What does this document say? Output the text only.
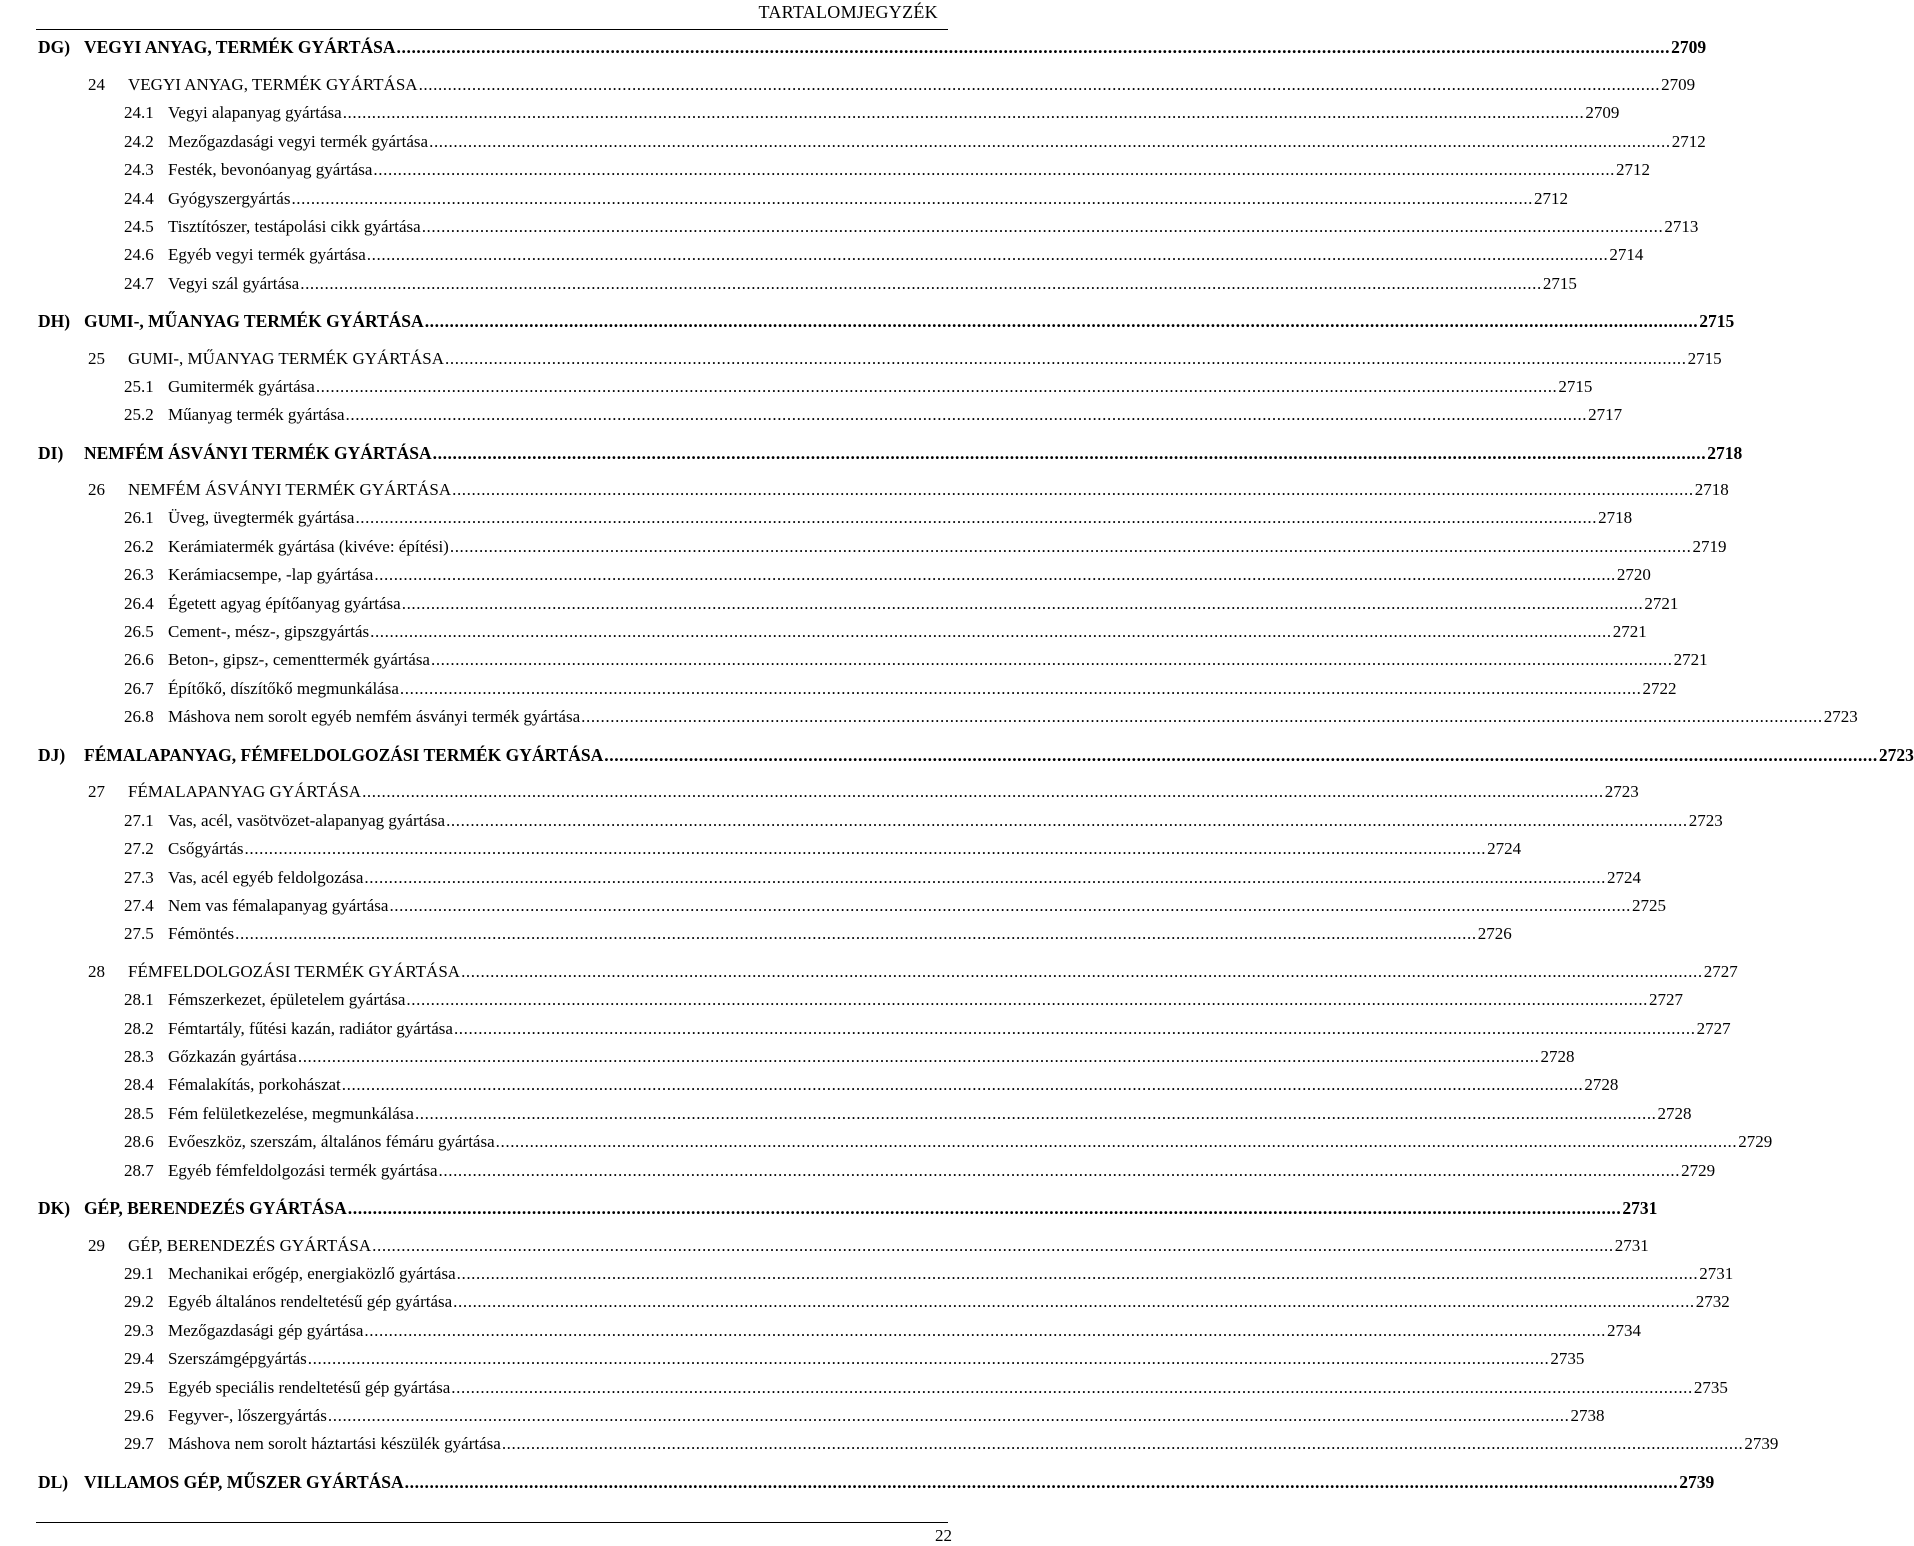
TARTALOMJEGYZÉK
DG) VEGYI ANYAG, TERMÉK GYÁRTÁSA ................................................................................................................................................................................................................................................................ 2709
24	VEGYI ANYAG, TERMÉK GYÁRTÁSA ................................................................................................................................................................................................................................................................ 2709
24.1 Vegyi alapanyag gyártása ................................................................................................................................................................................................................................................................ 2709
24.2 Mezőgazdasági vegyi termék gyártása ................................................................................................................................................................................................................................................................ 2712
24.3 Festék, bevonóanyag gyártása ................................................................................................................................................................................................................................................................ 2712
24.4 Gyógyszergyártás ................................................................................................................................................................................................................................................................ 2712
24.5 Tisztítószer, testápolási cikk gyártása ................................................................................................................................................................................................................................................................ 2713
24.6 Egyéb vegyi termék gyártása ................................................................................................................................................................................................................................................................ 2714
24.7 Vegyi szál gyártása ................................................................................................................................................................................................................................................................ 2715
DH) GUMI-, MŰANYAG TERMÉK GYÁRTÁSA ................................................................................................................................................................................................................................................................ 2715
25	GUMI-, MŰANYAG TERMÉK GYÁRTÁSA ................................................................................................................................................................................................................................................................ 2715
25.1 Gumitermék gyártása ................................................................................................................................................................................................................................................................ 2715
25.2 Műanyag termék gyártása ................................................................................................................................................................................................................................................................ 2717
DI)	NEMFÉM ÁSVÁNYI TERMÉK GYÁRTÁSA ................................................................................................................................................................................................................................................................ 2718
26	NEMFÉM ÁSVÁNYI TERMÉK GYÁRTÁSA ................................................................................................................................................................................................................................................................ 2718
26.1 Üveg, üvegtermék gyártása ................................................................................................................................................................................................................................................................ 2718
26.2 Kerámiatermék gyártása (kivéve: építési) ................................................................................................................................................................................................................................................................ 2719
26.3 Kerámiacsempe, -lap gyártása ................................................................................................................................................................................................................................................................ 2720
26.4 Égetett agyag építőanyag gyártása ................................................................................................................................................................................................................................................................ 2721
26.5 Cement-, mész-, gipszgyártás ................................................................................................................................................................................................................................................................ 2721
26.6 Beton-, gipsz-, cementtermék gyártása ................................................................................................................................................................................................................................................................ 2721
26.7 Építőkő, díszítőkő megmunkálása ................................................................................................................................................................................................................................................................ 2722
26.8 Máshova nem sorolt egyéb nemfém ásványi termék gyártása ................................................................................................................................................................................................................................................................ 2723
DJ)	FÉMALAPANYAG, FÉMFELDOLGOZÁSI TERMÉK GYÁRTÁSA ................................................................................................................................................................................................................................................................ 2723
27	FÉMALAPANYAG GYÁRTÁSA ................................................................................................................................................................................................................................................................ 2723
27.1 Vas, acél, vasötvözet-alapanyag gyártása ................................................................................................................................................................................................................................................................ 2723
27.2 Csőgyártás ................................................................................................................................................................................................................................................................ 2724
27.3 Vas, acél egyéb feldolgozása ................................................................................................................................................................................................................................................................ 2724
27.4 Nem vas fémalapanyag gyártása ................................................................................................................................................................................................................................................................ 2725
27.5 Fémöntés ................................................................................................................................................................................................................................................................ 2726
28	FÉMFELDOLGOZÁSI TERMÉK GYÁRTÁSA ................................................................................................................................................................................................................................................................ 2727
28.1 Fémszerkezet, épületelem gyártása ................................................................................................................................................................................................................................................................ 2727
28.2 Fémtartály, fűtési kazán, radiátor gyártása ................................................................................................................................................................................................................................................................ 2727
28.3 Gőzkazán gyártása ................................................................................................................................................................................................................................................................ 2728
28.4 Fémalakítás, porkohászat ................................................................................................................................................................................................................................................................ 2728
28.5 Fém felületkezelése, megmunkálása ................................................................................................................................................................................................................................................................ 2728
28.6 Evőeszköz, szerszám, általános fémáru gyártása ................................................................................................................................................................................................................................................................ 2729
28.7 Egyéb fémfeldolgozási termék gyártása ................................................................................................................................................................................................................................................................ 2729
DK) GÉP, BERENDEZÉS GYÁRTÁSA ................................................................................................................................................................................................................................................................ 2731
29	GÉP, BERENDEZÉS GYÁRTÁSA ................................................................................................................................................................................................................................................................ 2731
29.1 Mechanikai erőgép, energiaközlő gyártása ................................................................................................................................................................................................................................................................ 2731
29.2 Egyéb általános rendeltetésű gép gyártása ................................................................................................................................................................................................................................................................ 2732
29.3 Mezőgazdasági gép gyártása ................................................................................................................................................................................................................................................................ 2734
29.4 Szerszámgépgyártás ................................................................................................................................................................................................................................................................ 2735
29.5 Egyéb speciális rendeltetésű gép gyártása ................................................................................................................................................................................................................................................................ 2735
29.6 Fegyver-, lőszergyártás ................................................................................................................................................................................................................................................................ 2738
29.7 Máshova nem sorolt háztartási készülék gyártása ................................................................................................................................................................................................................................................................ 2739
DL) VILLAMOS GÉP, MŰSZER GYÁRTÁSA ................................................................................................................................................................................................................................................................ 2739
22
